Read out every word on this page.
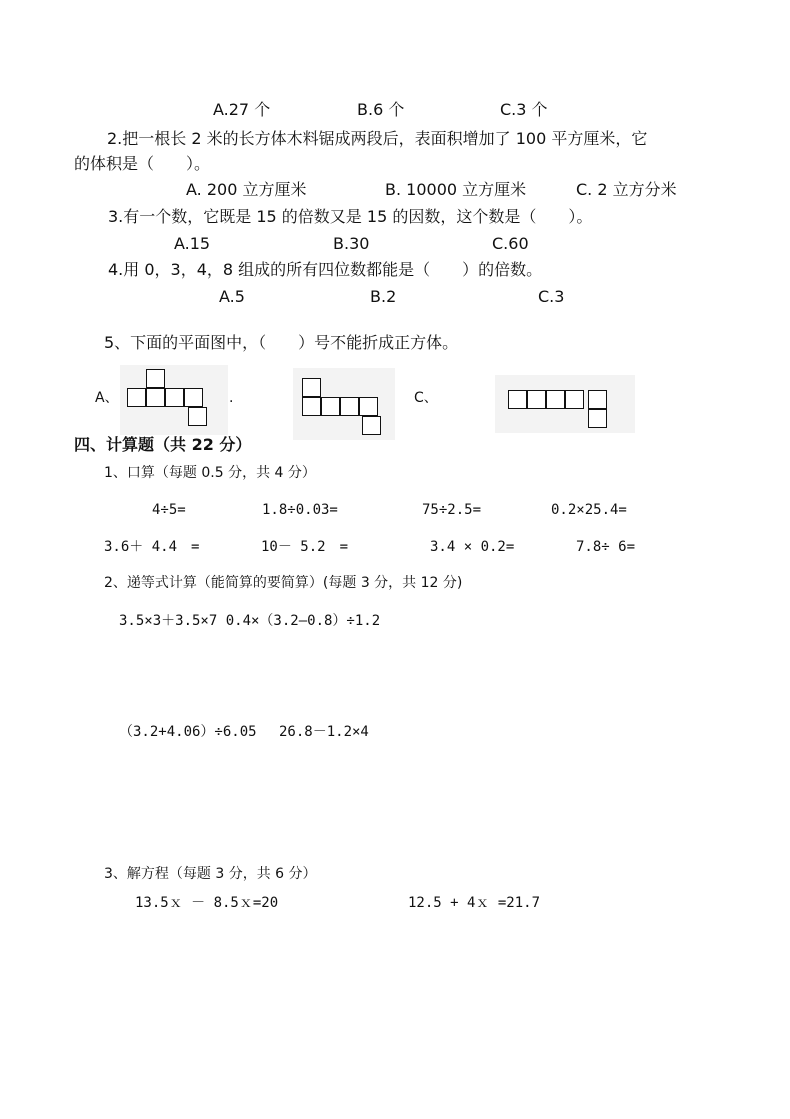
A.27 个	B.6 个	C.3 个
2.把一根长 2 米的长方体木料锯成两段后，表面积增加了 100 平方厘米，它
的体积是（　　）。
A. 200 立方厘米	B. 10000 立方厘米	C. 2 立方分米
3.有一个数，它既是 15 的倍数又是 15 的因数，这个数是（　　）。
A.15	B.30	C.60
4.用 0，3，4，8 组成的所有四位数都能是（　　）的倍数。
A.5	B.2	C.3
5、下面的平面图中，（　　）号不能折成正方体。
A、	.	C、
四、计算题（共 22 分）
1、口算（每题 0.5 分，共 4 分）
4÷5=	1.8÷0.03=	75÷2.5=	0.2×25.4=
3.6＋ 4.4　=	10－ 5.2　=	3.4 × 0.2=	7.8÷ 6=
2、递等式计算（能简算的要简算）(每题 3 分，共 12 分)
3.5×3＋3.5×7 0.4×（3.2—0.8）÷1.2
（3.2+4.06）÷6.05　 26.8－1.2×4
3、解方程（每题 3 分，共 6 分）
13.5ｘ － 8.5ｘ=20	12.5 + 4ｘ =21.7
